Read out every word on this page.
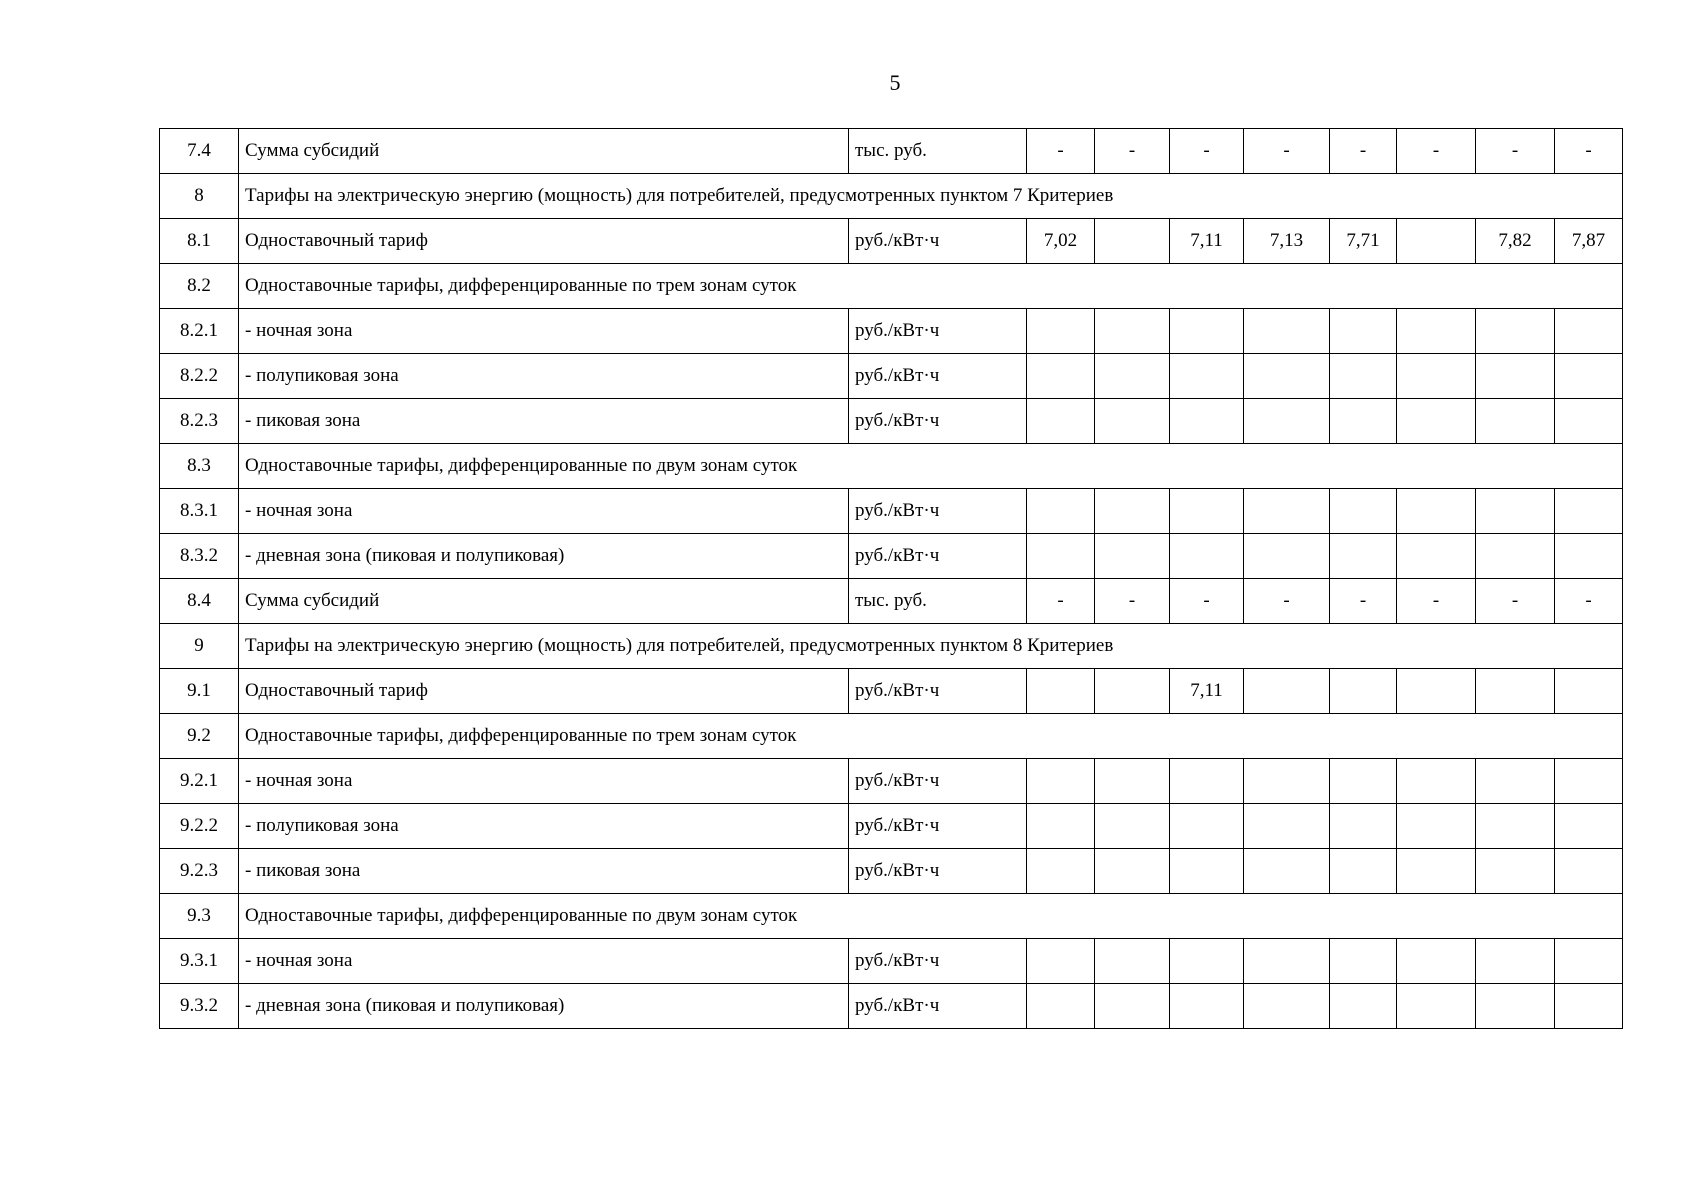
5
7.4	Сумма субсидий	тыс. руб.	-	-	-	-	-	-	-	-
8	Тарифы на электрическую энергию (мощность) для потребителей, предусмотренных пунктом 7 Критериев									
8.1	Одноставочный тариф	руб./кВт·ч	7,02		7,11	7,13	7,71		7,82	7,87
8.2	Одноставочные тарифы, дифференцированные по трем зонам суток									
8.2.1	- ночная зона	руб./кВт·ч								
8.2.2	- полупиковая зона	руб./кВт·ч								
8.2.3	- пиковая зона	руб./кВт·ч								
8.3	Одноставочные тарифы, дифференцированные по двум зонам суток									
8.3.1	- ночная зона	руб./кВт·ч								
8.3.2	- дневная зона (пиковая и полупиковая)	руб./кВт·ч								
8.4	Сумма субсидий	тыс. руб.	-	-	-	-	-	-	-	-
9	Тарифы на электрическую энергию (мощность) для потребителей, предусмотренных пунктом 8 Критериев									
9.1	Одноставочный тариф	руб./кВт·ч			7,11					
9.2	Одноставочные тарифы, дифференцированные по трем зонам суток									
9.2.1	- ночная зона	руб./кВт·ч								
9.2.2	- полупиковая зона	руб./кВт·ч								
9.2.3	- пиковая зона	руб./кВт·ч								
9.3	Одноставочные тарифы, дифференцированные по двум зонам суток									
9.3.1	- ночная зона	руб./кВт·ч								
9.3.2	- дневная зона (пиковая и полупиковая)	руб./кВт·ч								
